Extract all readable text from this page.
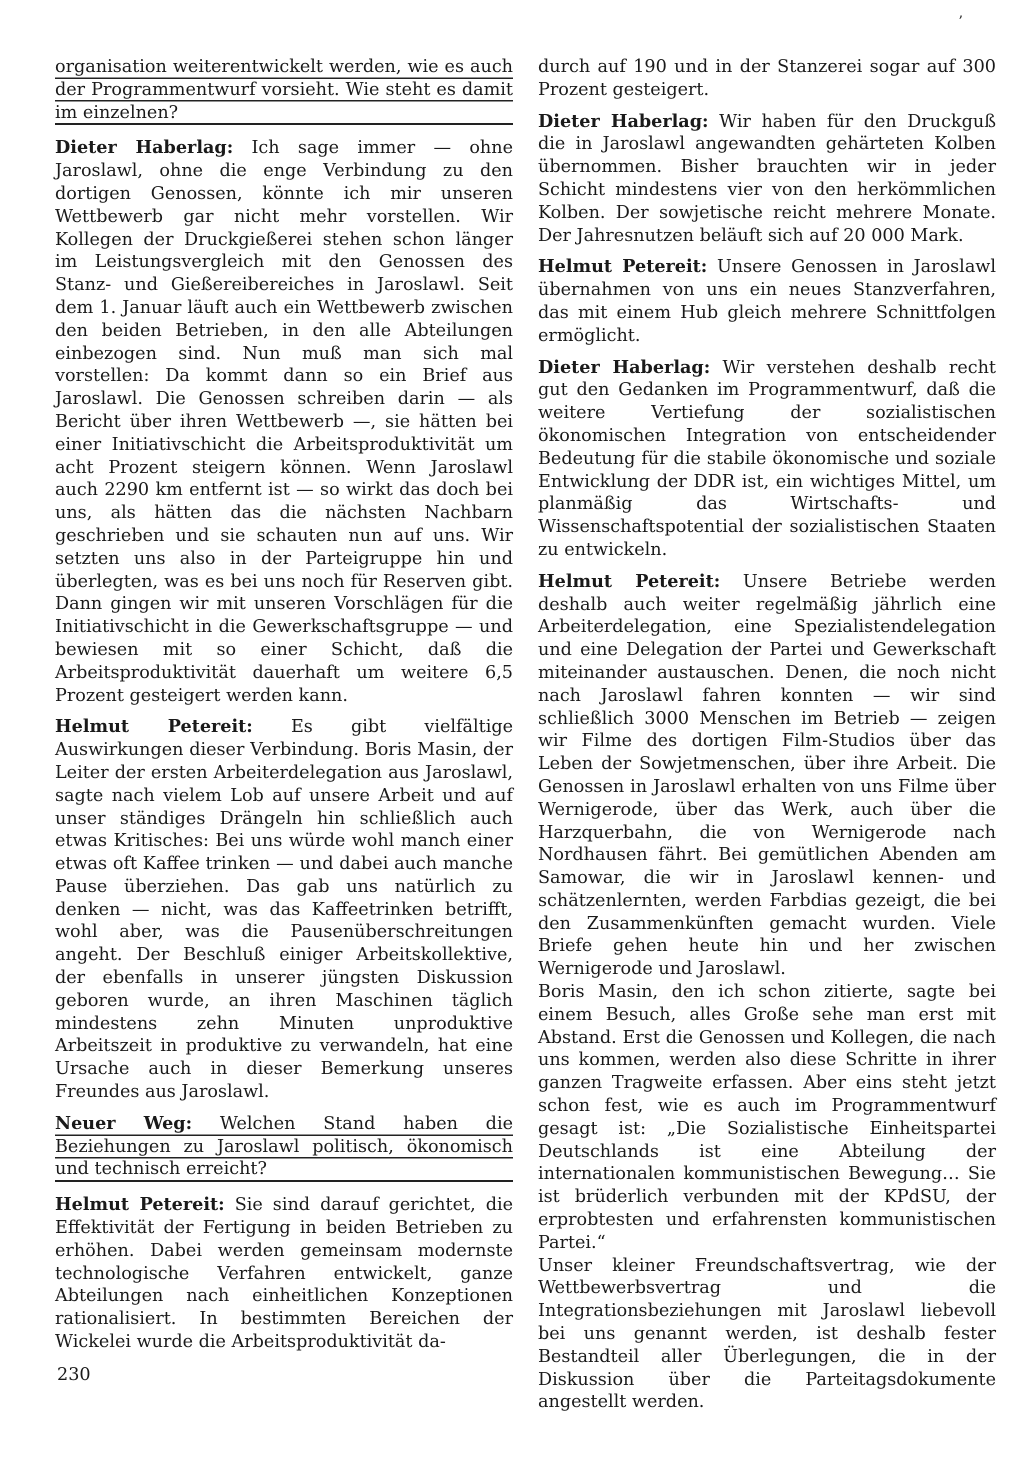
ʼ

organisation weiterentwickelt werden, wie es auch der Programmentwurf vorsieht. Wie steht es damit im einzelnen?

Dieter Haberlag: Ich sage immer — ohne Jaroslawl, ohne die enge Verbindung zu den dortigen Genossen, könnte ich mir unseren Wettbewerb gar nicht mehr vorstellen. Wir Kollegen der Druckgießerei stehen schon länger im Leistungsvergleich mit den Genossen des Stanz- und Gießereibereiches in Jaroslawl. Seit dem 1. Januar läuft auch ein Wettbewerb zwischen den beiden Betrieben, in den alle Abteilungen einbezogen sind. Nun muß man sich mal vorstellen: Da kommt dann so ein Brief aus Jaroslawl. Die Genossen schreiben darin — als Bericht über ihren Wettbewerb —, sie hätten bei einer Initiativschicht die Arbeitsproduktivität um acht Prozent steigern können. Wenn Jaroslawl auch 2290 km entfernt ist — so wirkt das doch bei uns, als hätten das die nächsten Nachbarn geschrieben und sie schauten nun auf uns. Wir setzten uns also in der Parteigruppe hin und überlegten, was es bei uns noch für Reserven gibt. Dann gingen wir mit unseren Vorschlägen für die Initiativschicht in die Gewerkschaftsgruppe — und bewiesen mit so einer Schicht, daß die Arbeitsproduktivität dauerhaft um weitere 6,5 Prozent gesteigert werden kann.

Helmut Petereit: Es gibt vielfältige Auswirkungen dieser Verbindung. Boris Masin, der Leiter der ersten Arbeiterdelegation aus Jaroslawl, sagte nach vielem Lob auf unsere Arbeit und auf unser ständiges Drängeln hin schließlich auch etwas Kritisches: Bei uns würde wohl manch einer etwas oft Kaffee trinken — und dabei auch manche Pause überziehen. Das gab uns natürlich zu denken — nicht, was das Kaffeetrinken betrifft, wohl aber, was die Pausenüberschreitungen angeht. Der Beschluß einiger Arbeitskollektive, der ebenfalls in unserer jüngsten Diskussion geboren wurde, an ihren Maschinen täglich mindestens zehn Minuten unproduktive Arbeitszeit in produktive zu verwandeln, hat eine Ursache auch in dieser Bemerkung unseres Freundes aus Jaroslawl.

Neuer Weg: Welchen Stand haben die Beziehungen zu Jaroslawl politisch, ökonomisch und technisch erreicht?

Helmut Petereit: Sie sind darauf gerichtet, die Effektivität der Fertigung in beiden Betrieben zu erhöhen. Dabei werden gemeinsam modernste technologische Verfahren entwickelt, ganze Abteilungen nach einheitlichen Konzeptionen rationalisiert. In bestimmten Bereichen der Wickelei wurde die Arbeitsproduktivität da-

durch auf 190 und in der Stanzerei sogar auf 300 Prozent gesteigert.

Dieter Haberlag: Wir haben für den Druckguß die in Jaroslawl angewandten gehärteten Kolben übernommen. Bisher brauchten wir in jeder Schicht mindestens vier von den herkömmlichen Kolben. Der sowjetische reicht mehrere Monate. Der Jahresnutzen beläuft sich auf 20 000 Mark.

Helmut Petereit: Unsere Genossen in Jaroslawl übernahmen von uns ein neues Stanzverfahren, das mit einem Hub gleich mehrere Schnittfolgen ermöglicht.

Dieter Haberlag: Wir verstehen deshalb recht gut den Gedanken im Programmentwurf, daß die weitere Vertiefung der sozialistischen ökonomischen Integration von entscheidender Bedeutung für die stabile ökonomische und soziale Entwicklung der DDR ist, ein wichtiges Mittel, um planmäßig das Wirtschafts- und Wissenschaftspotential der sozialistischen Staaten zu entwickeln.

Helmut Petereit: Unsere Betriebe werden deshalb auch weiter regelmäßig jährlich eine Arbeiterdelegation, eine Spezialistendelegation und eine Delegation der Partei und Gewerkschaft miteinander austauschen. Denen, die noch nicht nach Jaroslawl fahren konnten — wir sind schließlich 3000 Menschen im Betrieb — zeigen wir Filme des dortigen Film-Studios über das Leben der Sowjetmenschen, über ihre Arbeit. Die Genossen in Jaroslawl erhalten von uns Filme über Wernigerode, über das Werk, auch über die Harzquerbahn, die von Wernigerode nach Nordhausen fährt. Bei gemütlichen Abenden am Samowar, die wir in Jaroslawl kennen- und schätzenlernten, werden Farbdias gezeigt, die bei den Zusammenkünften gemacht wurden. Viele Briefe gehen heute hin und her zwischen Wernigerode und Jaroslawl.

Boris Masin, den ich schon zitierte, sagte bei einem Besuch, alles Große sehe man erst mit Abstand. Erst die Genossen und Kollegen, die nach uns kommen, werden also diese Schritte in ihrer ganzen Tragweite erfassen. Aber eins steht jetzt schon fest, wie es auch im Programmentwurf gesagt ist: „Die Sozialistische Einheitspartei Deutschlands ist eine Abteilung der internationalen kommunistischen Bewegung… Sie ist brüderlich verbunden mit der KPdSU, der erprobtesten und erfahrensten kommunistischen Partei.“

Unser kleiner Freundschaftsvertrag, wie der Wettbewerbsvertrag und die Integrationsbeziehungen mit Jaroslawl liebevoll bei uns genannt werden, ist deshalb fester Bestandteil aller Überlegungen, die in der Diskussion über die Parteitagsdokumente angestellt werden.

230
